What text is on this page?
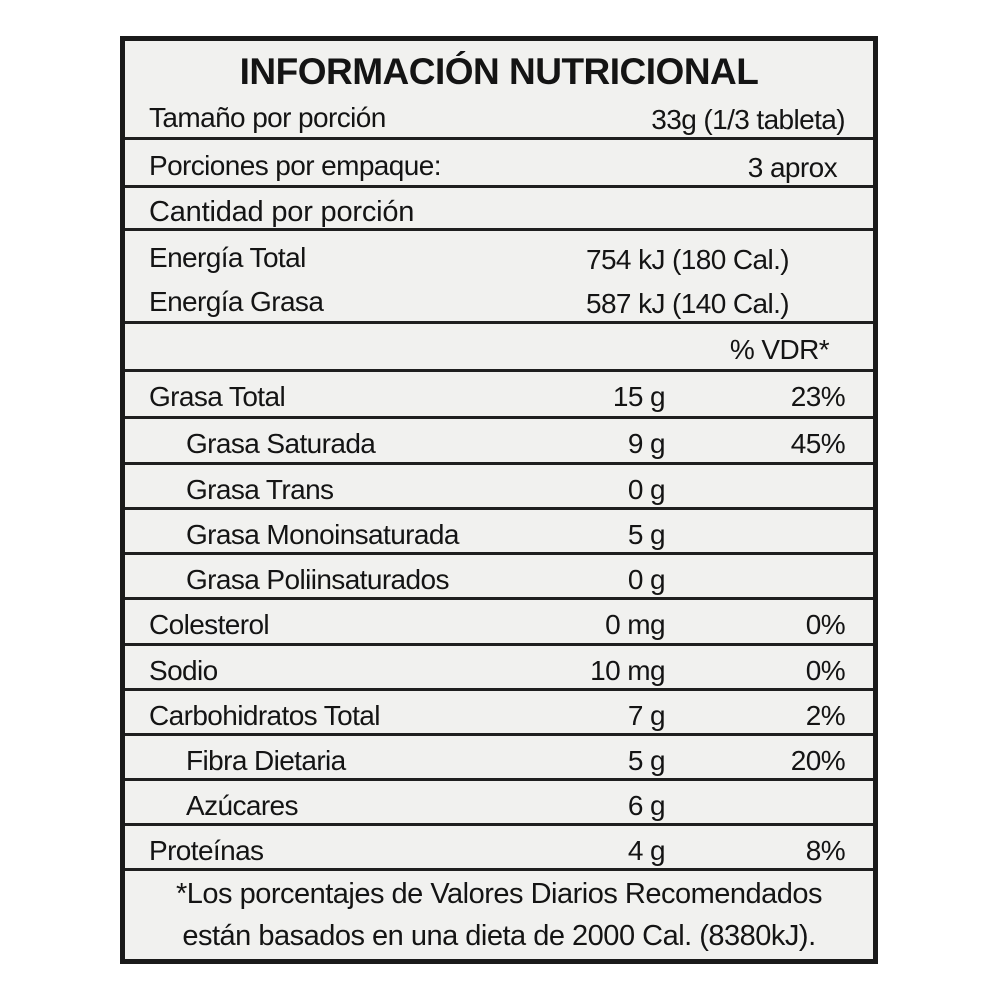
INFORMACIÓN NUTRICIONAL
Tamaño por porción	33g (1/3 tableta)
Porciones por empaque:	3 aprox
Cantidad por porción
Energía Total	754 kJ (180 Cal.)
Energía Grasa	587 kJ (140 Cal.)
% VDR*
Grasa Total	15 g	23%
Grasa Saturada	9 g	45%
Grasa Trans	0 g
Grasa Monoinsaturada	5 g
Grasa Poliinsaturados	0 g
Colesterol	0 mg	0%
Sodio	10 mg	0%
Carbohidratos Total	7 g	2%
Fibra Dietaria	5 g	20%
Azúcares	6 g
Proteínas	4 g	8%
*Los porcentajes de Valores Diarios Recomendados
están basados en una dieta de 2000 Cal. (8380kJ).
